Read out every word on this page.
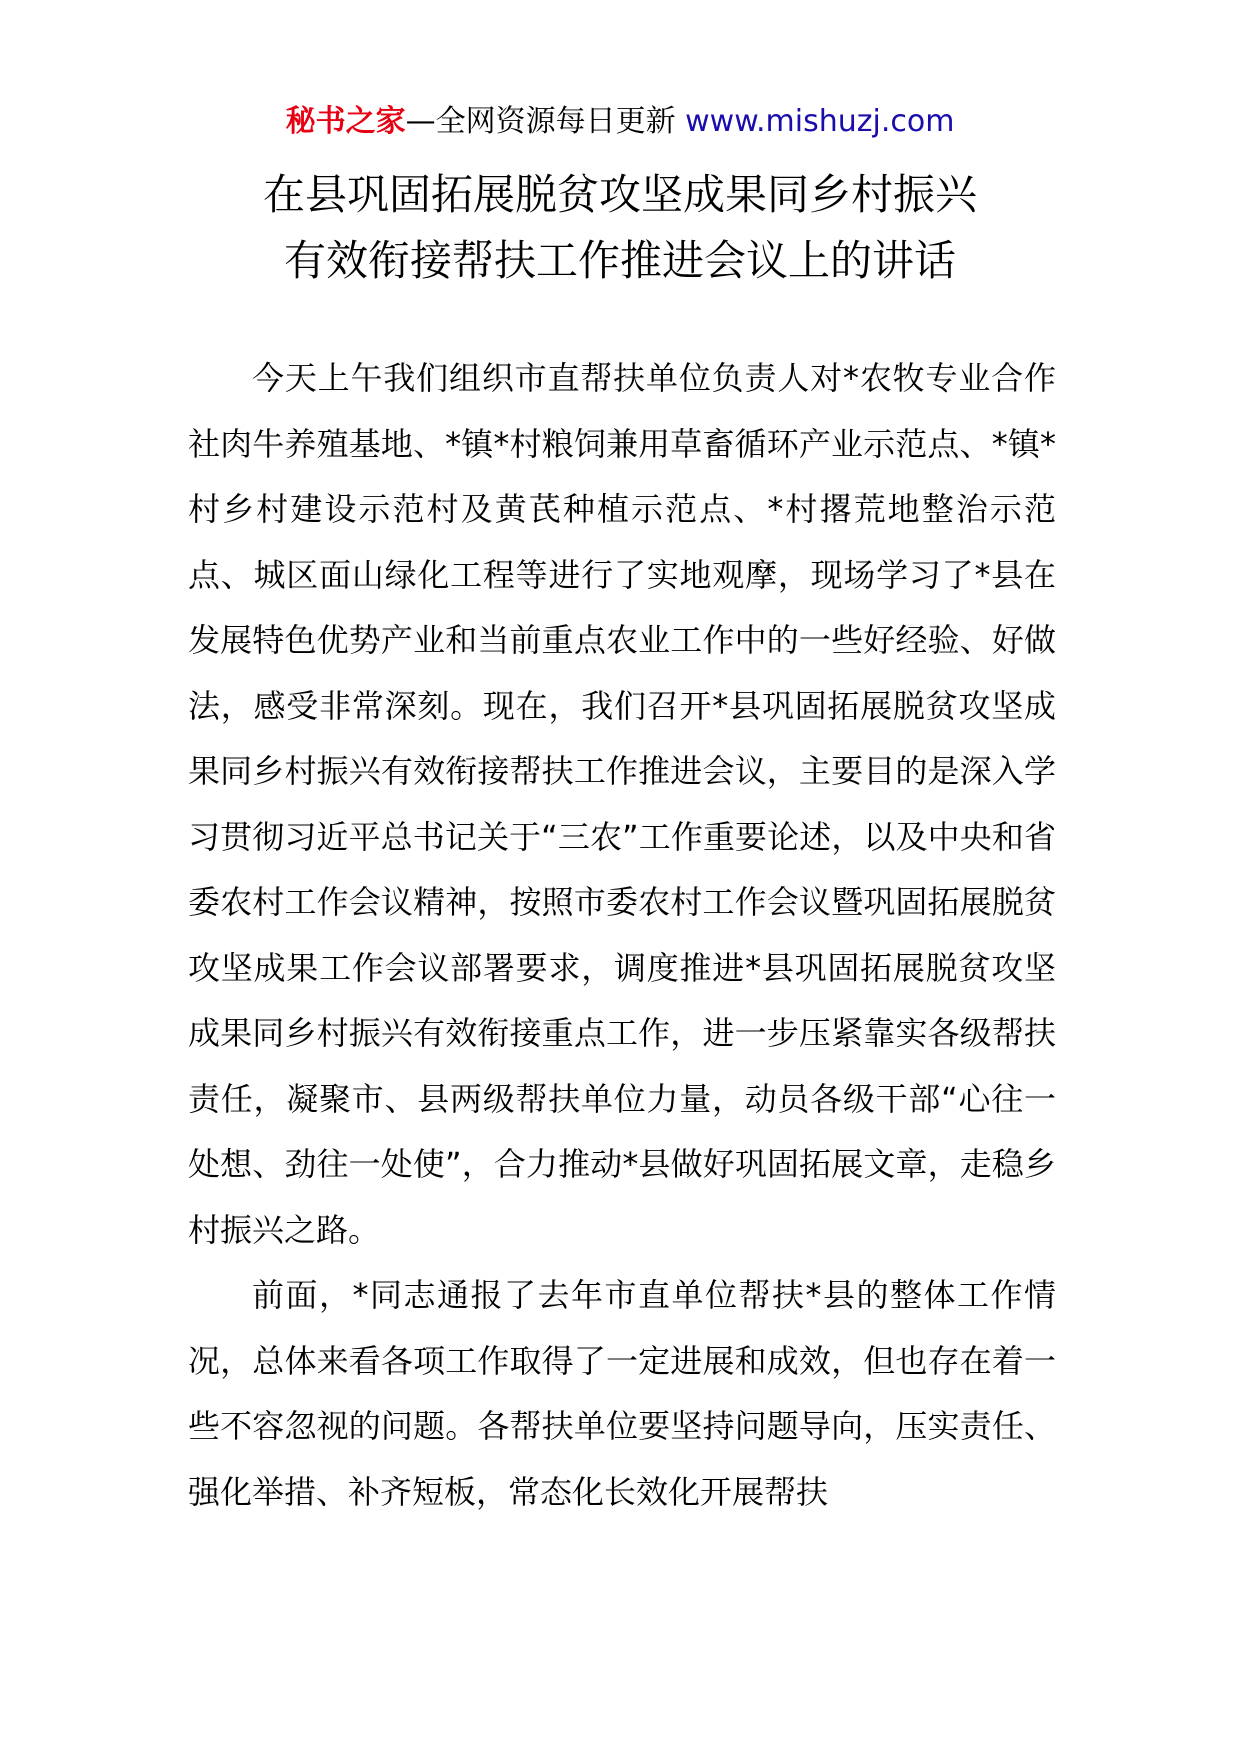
秘书之家—全网资源每日更新 www.mishuzj.com
在县巩固拓展脱贫攻坚成果同乡村振兴
有效衔接帮扶工作推进会议上的讲话

今天上午我们组织市直帮扶单位负责人对*农牧专业合作社肉牛养殖基地、*镇*村粮饲兼用草畜循环产业示范点、*镇*村乡村建设示范村及黄芪种植示范点、*村撂荒地整治示范点、城区面山绿化工程等进行了实地观摩，现场学习了*县在发展特色优势产业和当前重点农业工作中的一些好经验、好做法，感受非常深刻。现在，我们召开*县巩固拓展脱贫攻坚成果同乡村振兴有效衔接帮扶工作推进会议，主要目的是深入学习贯彻习近平总书记关于“三农”工作重要论述，以及中央和省委农村工作会议精神，按照市委农村工作会议暨巩固拓展脱贫攻坚成果工作会议部署要求，调度推进*县巩固拓展脱贫攻坚成果同乡村振兴有效衔接重点工作，进一步压紧靠实各级帮扶责任，凝聚市、县两级帮扶单位力量，动员各级干部“心往一处想、劲往一处使”，合力推动*县做好巩固拓展文章，走稳乡村振兴之路。

前面，*同志通报了去年市直单位帮扶*县的整体工作情况，总体来看各项工作取得了一定进展和成效，但也存在着一些不容忽视的问题。各帮扶单位要坚持问题导向，压实责任、强化举措、补齐短板，常态化长效化开展帮扶
